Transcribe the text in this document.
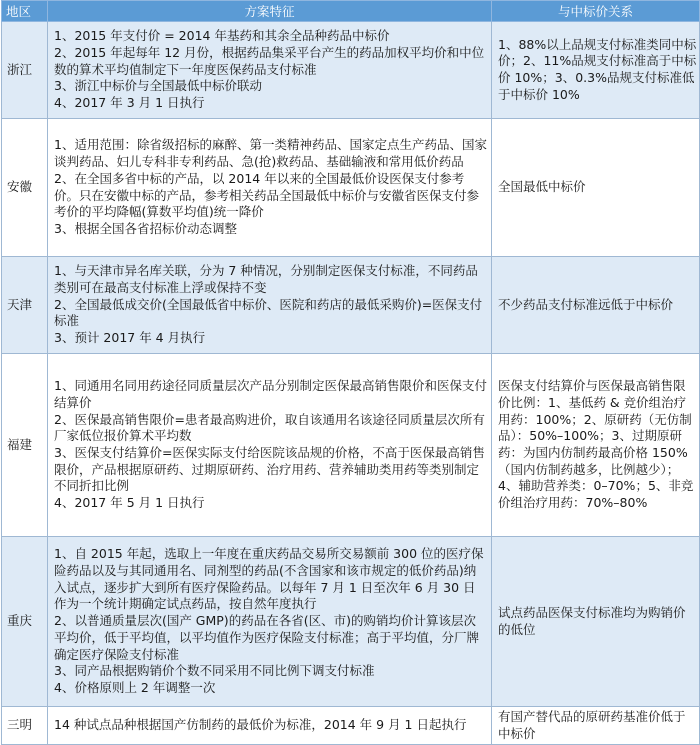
地区	方案特征	与中标价关系
浙江	1、2015 年支付价 = 2014 年基药和其余全品种药品中标价
2、2015 年起每年 12 月份，根据药品集采平台产生的药品加权平均价和中位数的算术平均值制定下一年度医保药品支付标准
3、浙江中标价与全国最低中标价联动
4、2017 年 3 月 1 日执行	1、88%以上品规支付标准类同中标价；2、11%品规支付标准高于中标价 10%；3、0.3%品规支付标准低于中标价 10%
安徽	1、适用范围：除省级招标的麻醉、第一类精神药品、国家定点生产药品、国家谈判药品、妇儿专科非专利药品、急(抢)救药品、基础输液和常用低价药品
2、在全国多省中标的产品，以 2014 年以来的全国最低价设医保支付参考价。只在安徽中标的产品，参考相关药品全国最低中标价与安徽省医保支付参考价的平均降幅(算数平均值)统一降价
3、根据全国各省招标价动态调整	全国最低中标价
天津	1、与天津市异名库关联，分为 7 种情况，分别制定医保支付标准，不同药品类别可在最高支付标准上浮或保持不变
2、全国最低成交价(全国最低省中标价、医院和药店的最低采购价)=医保支付标准
3、预计 2017 年 4 月执行	不少药品支付标准远低于中标价
福建	1、同通用名同用药途径同质量层次产品分别制定医保最高销售限价和医保支付结算价
2、医保最高销售限价=患者最高购进价，取自该通用名该途径同质量层次所有厂家低位报价算术平均数
3、医保支付结算价=医保实际支付给医院该品规的价格，不高于医保最高销售限价，产品根据原研药、过期原研药、治疗用药、营养辅助类用药等类别制定不同折扣比例
4、2017 年 5 月 1 日执行	医保支付结算价与医保最高销售限价比例：1、基低药 & 竞价组治疗用药：100%；2、原研药（无仿制品）：50%–100%；3、过期原研药：为国内仿制药最高价格 150%（国内仿制药越多，比例越少）；4、辅助营养类：0–70%；5、非竞价组治疗用药：70%–80%
重庆	1、自 2015 年起，选取上一年度在重庆药品交易所交易额前 300 位的医疗保险药品以及与其同通用名、同剂型的药品(不含国家和该市规定的低价药品)纳入试点，逐步扩大到所有医疗保险药品。以每年 7 月 1 日至次年 6 月 30 日作为一个统计期确定试点药品，按自然年度执行
2、以普通质量层次(国产 GMP)的药品在各省(区、市)的购销均价计算该层次平均价，低于平均值，以平均值作为医疗保险支付标准；高于平均值，分厂牌确定医疗保险支付标准
3、同产品根据购销价个数不同采用不同比例下调支付标准
4、价格原则上 2 年调整一次	试点药品医保支付标准均为购销价的低位
三明	14 种试点品种根据国产仿制药的最低价为标准，2014 年 9 月 1 日起执行	有国产替代品的原研药基准价低于中标价
